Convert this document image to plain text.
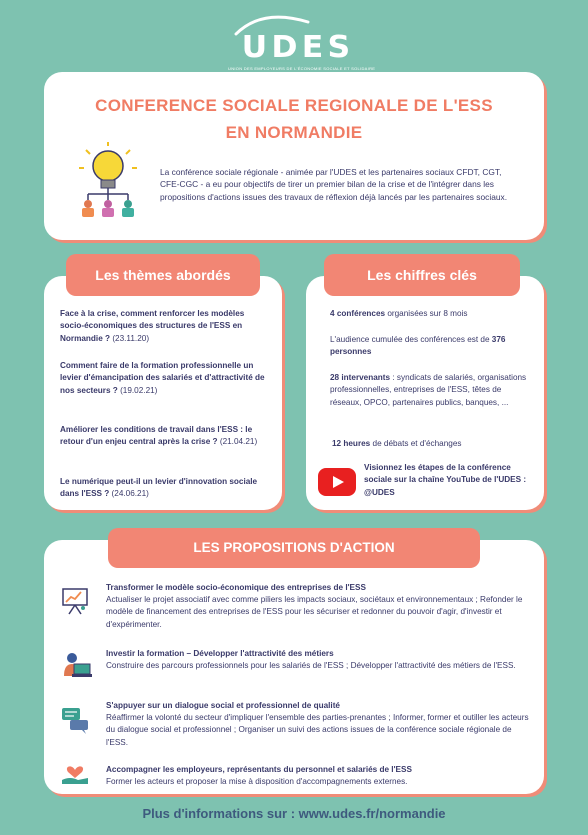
UDES
UNION DES EMPLOYEURS DE L'ÉCONOMIE SOCIALE ET SOLIDAIRE
CONFERENCE SOCIALE REGIONALE DE L'ESS
EN NORMANDIE
La conférence sociale régionale - animée par l'UDES et les partenaires sociaux CFDT, CGT, CFE-CGC - a eu pour objectifs de tirer un premier bilan de la crise et de l'intégrer dans les propositions d'actions issues des travaux de réflexion déjà lancés par les partenaires sociaux.
Face à la crise, comment renforcer les modèles socio-économiques des structures de l'ESS en Normandie ? (23.11.20)
Comment faire de la formation professionnelle un levier d'émancipation des salariés et d'attractivité de nos secteurs ? (19.02.21)
Améliorer les conditions de travail dans l'ESS : le retour d'un enjeu central après la crise ? (21.04.21)
Le numérique peut-il un levier d'innovation sociale dans l'ESS ? (24.06.21)
Les thèmes abordés
4 conférences organisées sur 8 mois
L'audience cumulée des conférences est de 376 personnes
28 intervenants : syndicats de salariés, organisations professionnelles, entreprises de l'ESS, têtes de réseaux, OPCO, partenaires publics, banques, ...
12 heures de débats et d'échanges
Visionnez les étapes de la conférence sociale sur la chaîne YouTube de l'UDES : @UDES
Les chiffres clés
Transformer le modèle socio-économique des entreprises de l'ESS
Actualiser le projet associatif avec comme piliers les impacts sociaux, sociétaux et environnementaux ; Refonder le modèle de financement des entreprises de l'ESS pour les sécuriser et redonner du pouvoir d'agir, d'investir et d'expérimenter.
Investir la formation – Développer l'attractivité des métiers
Construire des parcours professionnels pour les salariés de l'ESS ; Développer l'attractivité des métiers de l'ESS.
S'appuyer sur un dialogue social et professionnel de qualité
Réaffirmer la volonté du secteur d'impliquer l'ensemble des parties-prenantes ; Informer, former et outiller les acteurs du dialogue social et professionnel ; Organiser un suivi des actions issues de la conférence sociale régionale de l'ESS.
Accompagner les employeurs, représentants du personnel et salariés de l'ESS
Former les acteurs et proposer la mise à disposition d'accompagnements externes.
LES PROPOSITIONS D'ACTION
Plus d'informations sur : www.udes.fr/normandie
